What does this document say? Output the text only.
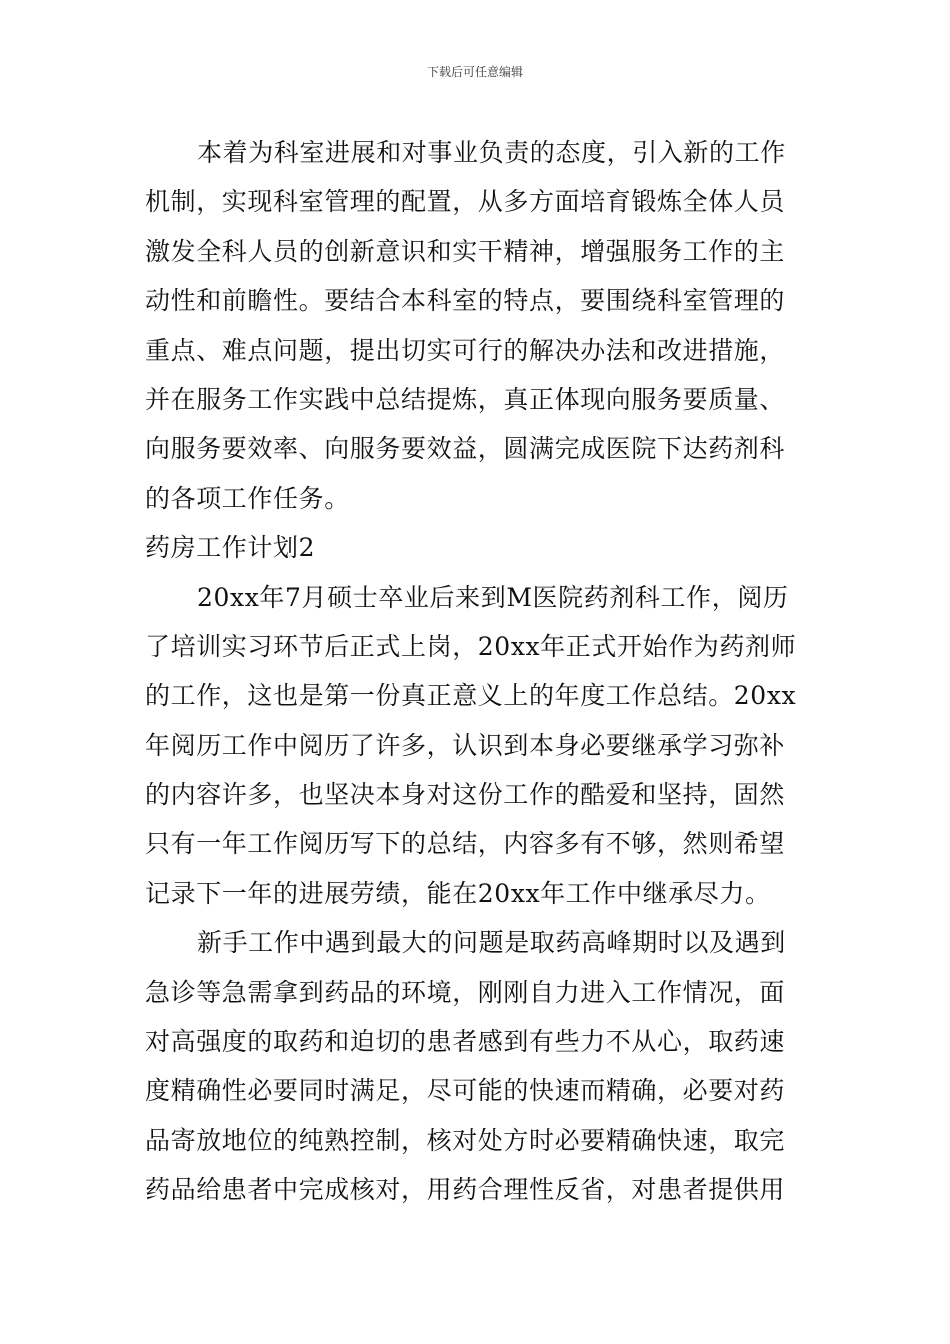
下载后可任意编辑
本着为科室进展和对事业负责的态度，引入新的工作
机制，实现科室管理的配置，从多方面培育锻炼全体人员
激发全科人员的创新意识和实干精神，增强服务工作的主
动性和前瞻性。要结合本科室的特点，要围绕科室管理的
重点、难点问题，提出切实可行的解决办法和改进措施，
并在服务工作实践中总结提炼，真正体现向服务要质量、
向服务要效率、向服务要效益，圆满完成医院下达药剂科
的各项工作任务。
药房工作计划2
20xx年7月硕士卒业后来到M医院药剂科工作，阅历
了培训实习环节后正式上岗，20xx年正式开始作为药剂师
的工作，这也是第一份真正意义上的年度工作总结。20xx
年阅历工作中阅历了许多，认识到本身必要继承学习弥补
的内容许多，也坚决本身对这份工作的酷爱和坚持，固然
只有一年工作阅历写下的总结，内容多有不够，然则希望
记录下一年的进展劳绩，能在20xx年工作中继承尽力。
新手工作中遇到最大的问题是取药高峰期时以及遇到
急诊等急需拿到药品的环境，刚刚自力进入工作情况，面
对高强度的取药和迫切的患者感到有些力不从心，取药速
度精确性必要同时满足，尽可能的快速而精确，必要对药
品寄放地位的纯熟控制，核对处方时必要精确快速，取完
药品给患者中完成核对，用药合理性反省，对患者提供用
